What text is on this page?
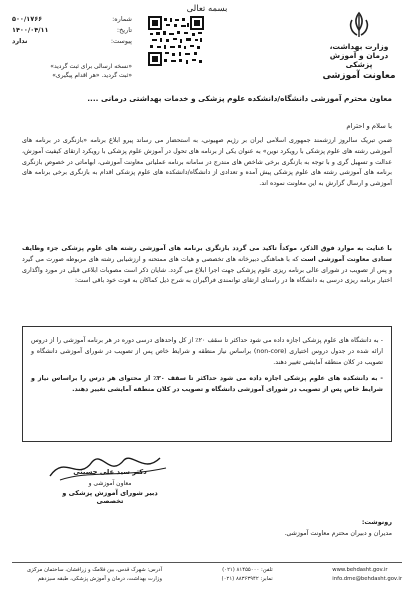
بسمه تعالی
وزارت بهداشت، درمان و آموزش پزشکی
معاونت آموزشی
شماره:
۵۰۰/۱۷۶۶
تاریخ:
۱۴۰۰/۰۴/۱۱
پیوست:
ندارد
«نسخه ارسالی برای ثبت گردید»
«ثبت گردید. «هر اقدام پیگیری»
معاون محترم آموزشی دانشگاه/دانشکده علوم پزشکی و خدمات بهداشتی درمانی ....
با سلام و احترام

ضمن تبریک سالروز ارزشمند جمهوری اسلامی ایران بر رژیم صهیونی، به استحضار می رساند پیرو ابلاغ برنامه «بازنگری در برنامه های آموزشی رشته های علوم پزشکی با رویکرد نوین» به عنوان یکی از برنامه های تحول در آموزش علوم پزشکی با رویکرد ارتقای کیفیت آموزش، عدالت و تسهیل گری و با توجه به بازنگری برخی شاخص های مندرج در سامانه برنامه عملیاتی معاونت آموزشی، ابهاماتی در خصوص بازنگری برنامه های آموزشی رشته های علوم پزشکی پیش آمده و تعدادی از دانشگاه/دانشکده های علوم پزشکی اقدام به بازنگری برخی برنامه های آموزشی و ارسال گزارش به این معاونت نموده اند.

با عنایت به موارد فوق الذکر، موکداً تاکید می گردد بازنگری برنامه های آموزشی رشته های علوم پزشکی جزء وظایف ستادی معاونت آموزشی است که با هماهنگی دبیرخانه های تخصصی و هیات های ممتحنه و ارزشیابی رشته های مربوطه صورت می گیرد و پس از تصویب در شورای عالی برنامه ریزی علوم پزشکی جهت اجرا ابلاغ می گردد. شایان ذکر است مصوبات ابلاغی قبلی در مورد واگذاری اختیار برنامه ریزی درسی به دانشگاه ها در راستای ارتقای توانمندی فراگیران به شرح ذیل کماکان به قوت خود باقی است:

- به دانشگاه های علوم پزشکی اجازه داده می شود حداکثر تا سقف ۲۰٪ از کل واحدهای درسی دوره در هر برنامه آموزشی را از دروس ارائه شده در جدول دروس اختیاری (non-core) براساس نیاز منطقه و شرایط خاص پس از تصویب در شورای آموزشی دانشگاه و تصویب در کلان منطقه آمایشی تغییر دهند.

- به دانشکده های علوم پزشکی اجازه داده می شود حداکثر تا سقف ۲۰٪ از محتوای هر درس را براساس نیاز و شرایط خاص پس از تصویب در شورای آموزشی دانشگاه و تصویب در کلان منطقه آمایشی تغییر دهند.

دکتر سید علی حسینی
معاون آموزشی و
دبیر شورای آموزش پزشکی و تخصصی
رونوشت:
مدیران و دبیران محترم معاونت آموزشی.
www.behdasht.gov.ir
info.dme@behdasht.gov.ir
تلفن: ۸۱۴۵۵۰۰۰ (۰۲۱)
نمابر: ۸۸۳۶۳۹۴۲ (۰۲۱)
آدرس: شهرک قدس، بین فلامک و زرافشان، ساختمان مرکزی وزارت بهداشت، درمان و آموزش پزشکی، طبقه سیزدهم
